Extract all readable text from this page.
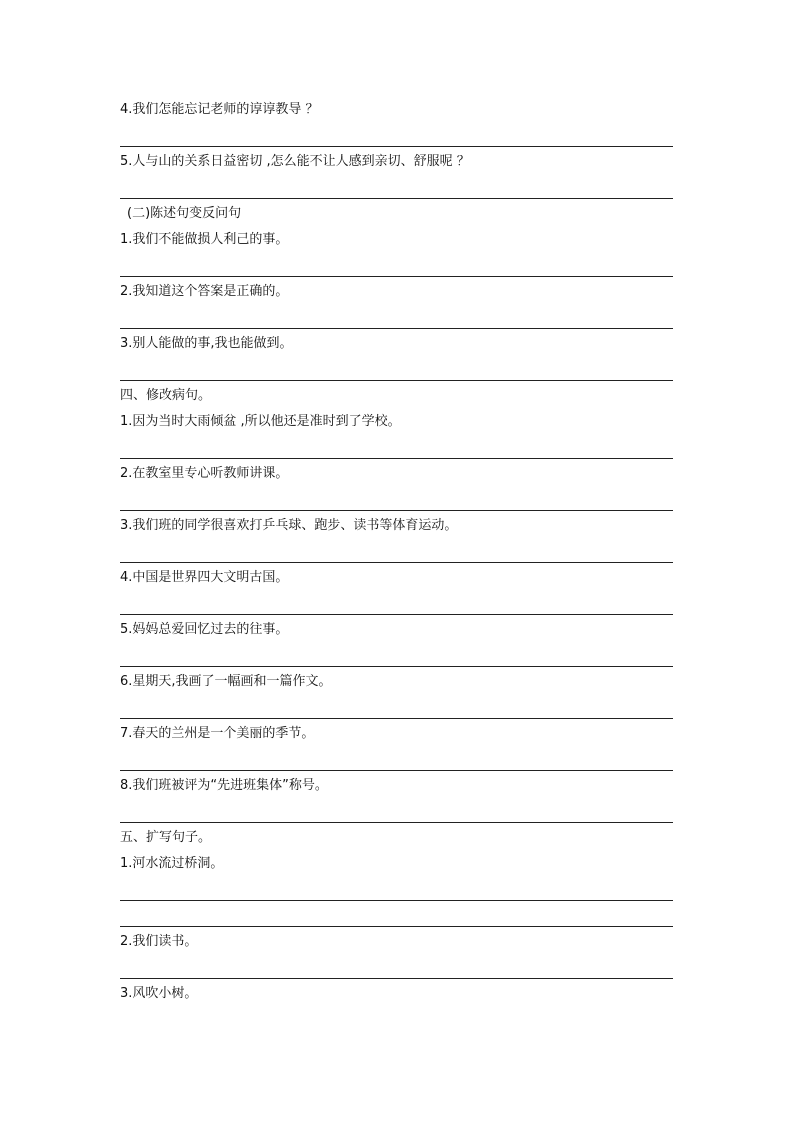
4.我们怎能忘记老师的谆谆教导 ？
5.人与山的关系日益密切 ,怎么能不让人感到亲切、舒服呢 ？
(二)陈述句变反问句
1.我们不能做损人利己的事。
2.我知道这个答案是正确的。
3.别人能做的事,我也能做到。
四、修改病句。
1.因为当时大雨倾盆 ,所以他还是准时到了学校。
2.在教室里专心听教师讲课。
3.我们班的同学很喜欢打乒乓球、跑步、读书等体育运动。
4.中国是世界四大文明古国。
5.妈妈总爱回忆过去的往事。
6.星期天,我画了一幅画和一篇作文。
7.春天的兰州是一个美丽的季节。
8.我们班被评为“先进班集体”称号。
五、扩写句子。
1.河水流过桥洞。
2.我们读书。
3.风吹小树。
